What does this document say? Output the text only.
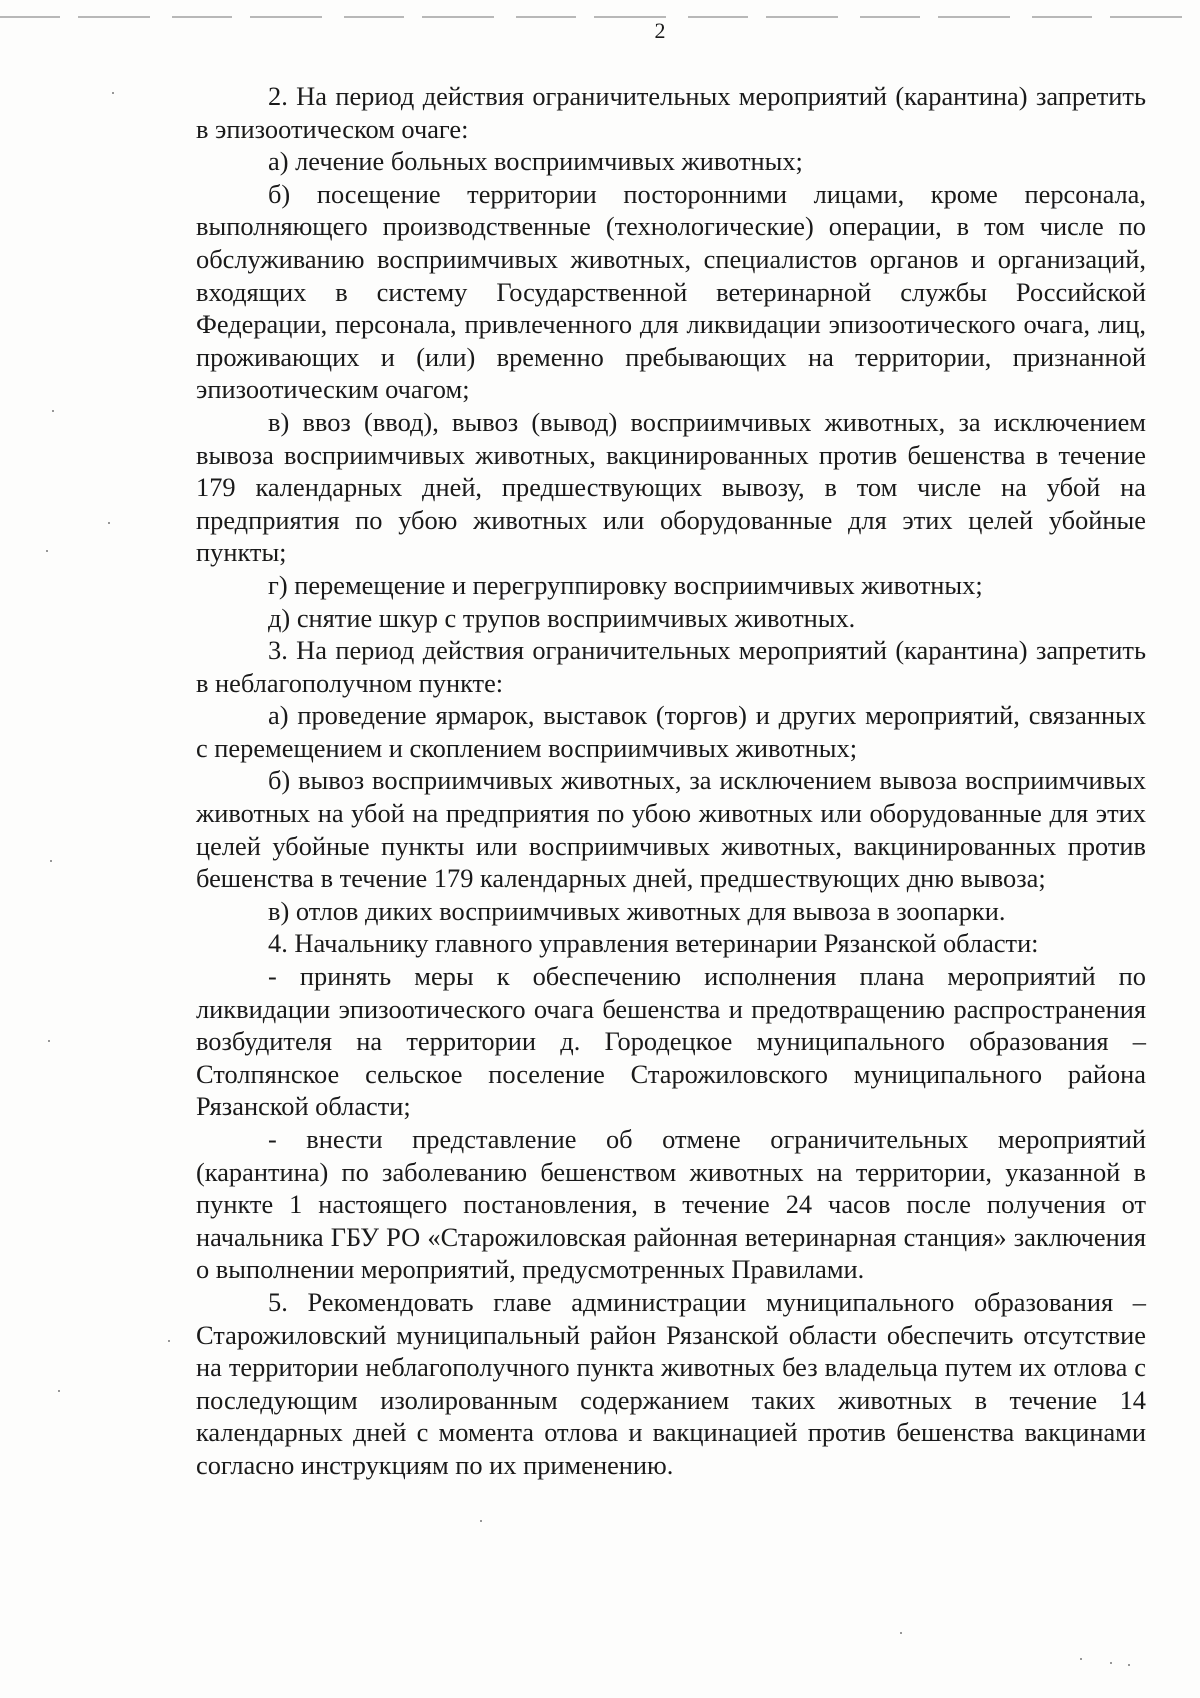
2

2. На период действия ограничительных мероприятий (карантина) запретить в эпизоотическом очаге:

а) лечение больных восприимчивых животных;

б) посещение территории посторонними лицами, кроме персонала, выполняющего производственные (технологические) операции, в том числе по обслуживанию восприимчивых животных, специалистов органов и организаций, входящих в систему Государственной ветеринарной службы Российской Федерации, персонала, привлеченного для ликвидации эпизоотического очага, лиц, проживающих и (или) временно пребывающих на территории, признанной эпизоотическим очагом;

в) ввоз (ввод), вывоз (вывод) восприимчивых животных, за исключением вывоза восприимчивых животных, вакцинированных против бешенства в течение 179 календарных дней, предшествующих вывозу, в том числе на убой на предприятия по убою животных или оборудованные для этих целей убойные пункты;

г) перемещение и перегруппировку восприимчивых животных;

д) снятие шкур с трупов восприимчивых животных.

3. На период действия ограничительных мероприятий (карантина) запретить в неблагополучном пункте:

а) проведение ярмарок, выставок (торгов) и других мероприятий, связанных с перемещением и скоплением восприимчивых животных;

б) вывоз восприимчивых животных, за исключением вывоза восприимчивых животных на убой на предприятия по убою животных или оборудованные для этих целей убойные пункты или восприимчивых животных, вакцинированных против бешенства в течение 179 календарных дней, предшествующих дню вывоза;

в) отлов диких восприимчивых животных для вывоза в зоопарки.

4. Начальнику главного управления ветеринарии Рязанской области:

- принять меры к обеспечению исполнения плана мероприятий по ликвидации эпизоотического очага бешенства и предотвращению распространения возбудителя на территории д. Городецкое муниципального образования – Столпянское сельское поселение Старожиловского муниципального района Рязанской области;

- внести представление об отмене ограничительных мероприятий (карантина) по заболеванию бешенством животных на территории, указанной в пункте 1 настоящего постановления, в течение 24 часов после получения от начальника ГБУ РО «Старожиловская районная ветеринарная станция» заключения о выполнении мероприятий, предусмотренных Правилами.

5. Рекомендовать главе администрации муниципального образования – Старожиловский муниципальный район Рязанской области обеспечить отсутствие на территории неблагополучного пункта животных без владельца путем их отлова с последующим изолированным содержанием таких животных в течение 14 календарных дней с момента отлова и вакцинацией против бешенства вакцинами согласно инструкциям по их применению.
